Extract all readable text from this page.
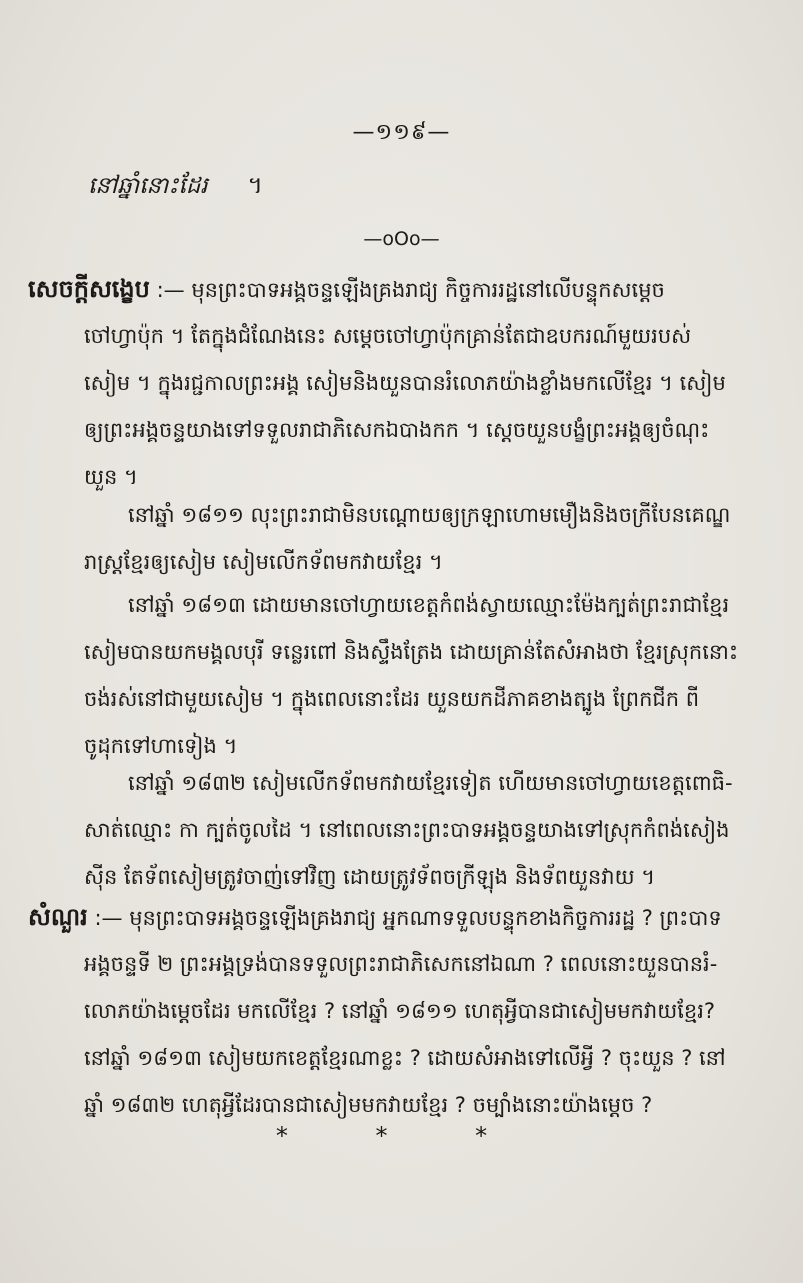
—១១៩—
នៅឆ្នាំនោះដែរ ។
—oOo—
សេចក្ដីសង្ខេប :— មុនព្រះបាទអង្គចន្ទឡើងគ្រងរាជ្យ កិច្ចការរដ្ឋនៅលើបន្ទុកសម្ដេច
ចៅហ្វាប៉ុក ។ តែក្នុងជំណែងនេះ សម្ដេចចៅហ្វាប៉ុកគ្រាន់តែជាឧបករណ៍មួយរបស់
សៀម ។ ក្នុងរជ្ជកាលព្រះអង្គ សៀមនិងយួនបានរំលោភយ៉ាងខ្លាំងមកលើខ្មែរ ។ សៀម
ឲ្យព្រះអង្គចន្ទយាងទៅទទួលរាជាភិសេកឯបាងកក ។ ស្ដេចយួនបង្ខំព្រះអង្គឲ្យចំណុះ
យួន ។
នៅឆ្នាំ ១៨១១ លុះព្រះរាជាមិនបណ្ដោយឲ្យក្រឡាហោមមឿងនិងចក្រីបែនគេណ្ឌ
រាស្ត្រខ្មែរឲ្យសៀម សៀមលើកទ័ពមកវាយខ្មែរ ។
នៅឆ្នាំ ១៨១៣ ដោយមានចៅហ្វាយខេត្តកំពង់ស្វាយឈ្មោះម៉ែងក្បត់ព្រះរាជាខ្មែរ
សៀមបានយកមង្គលបុរី ទន្លេរពៅ និងស្ទឹងត្រែង ដោយគ្រាន់តែសំអាងថា ខ្មែរស្រុកនោះ
ចង់រស់នៅជាមួយសៀម ។ ក្នុងពេលនោះដែរ យួនយកដីភាគខាងត្បូង ព្រែកជីក ពី
ចូដុកទៅហាទៀង ។
នៅឆ្នាំ ១៨៣២ សៀមលើកទ័ពមកវាយខ្មែរទៀត ហើយមានចៅហ្វាយខេត្តពោធិ-
សាត់ឈ្មោះ កា ក្បត់ចូលដៃ ។ នៅពេលនោះព្រះបាទអង្គចន្ទយាងទៅស្រុកកំពង់សៀង
ស៊ីន តែទ័ពសៀមត្រូវចាញ់ទៅវិញ ដោយត្រូវទ័ពចក្រីឡុង និងទ័ពយួនវាយ ។
សំណួរ :— មុនព្រះបាទអង្គចន្ទឡើងគ្រងរាជ្យ អ្នកណាទទួលបន្ទុកខាងកិច្ចការរដ្ឋ ? ព្រះបាទ
អង្គចន្ទទី ២ ព្រះអង្គទ្រង់បានទទួលព្រះរាជាភិសេកនៅឯណា ? ពេលនោះយួនបានរំ-
លោភយ៉ាងម្ដេចដែរ មកលើខ្មែរ ? នៅឆ្នាំ ១៨១១ ហេតុអ្វីបានជាសៀមមកវាយខ្មែរ?
នៅឆ្នាំ ១៨១៣ សៀមយកខេត្តខ្មែរណាខ្លះ ? ដោយសំអាងទៅលើអ្វី ? ចុះយួន ? នៅ
ឆ្នាំ ១៨៣២ ហេតុអ្វីដែរបានជាសៀមមកវាយខ្មែរ ? ចម្បាំងនោះយ៉ាងម្ដេច ?
* * *
